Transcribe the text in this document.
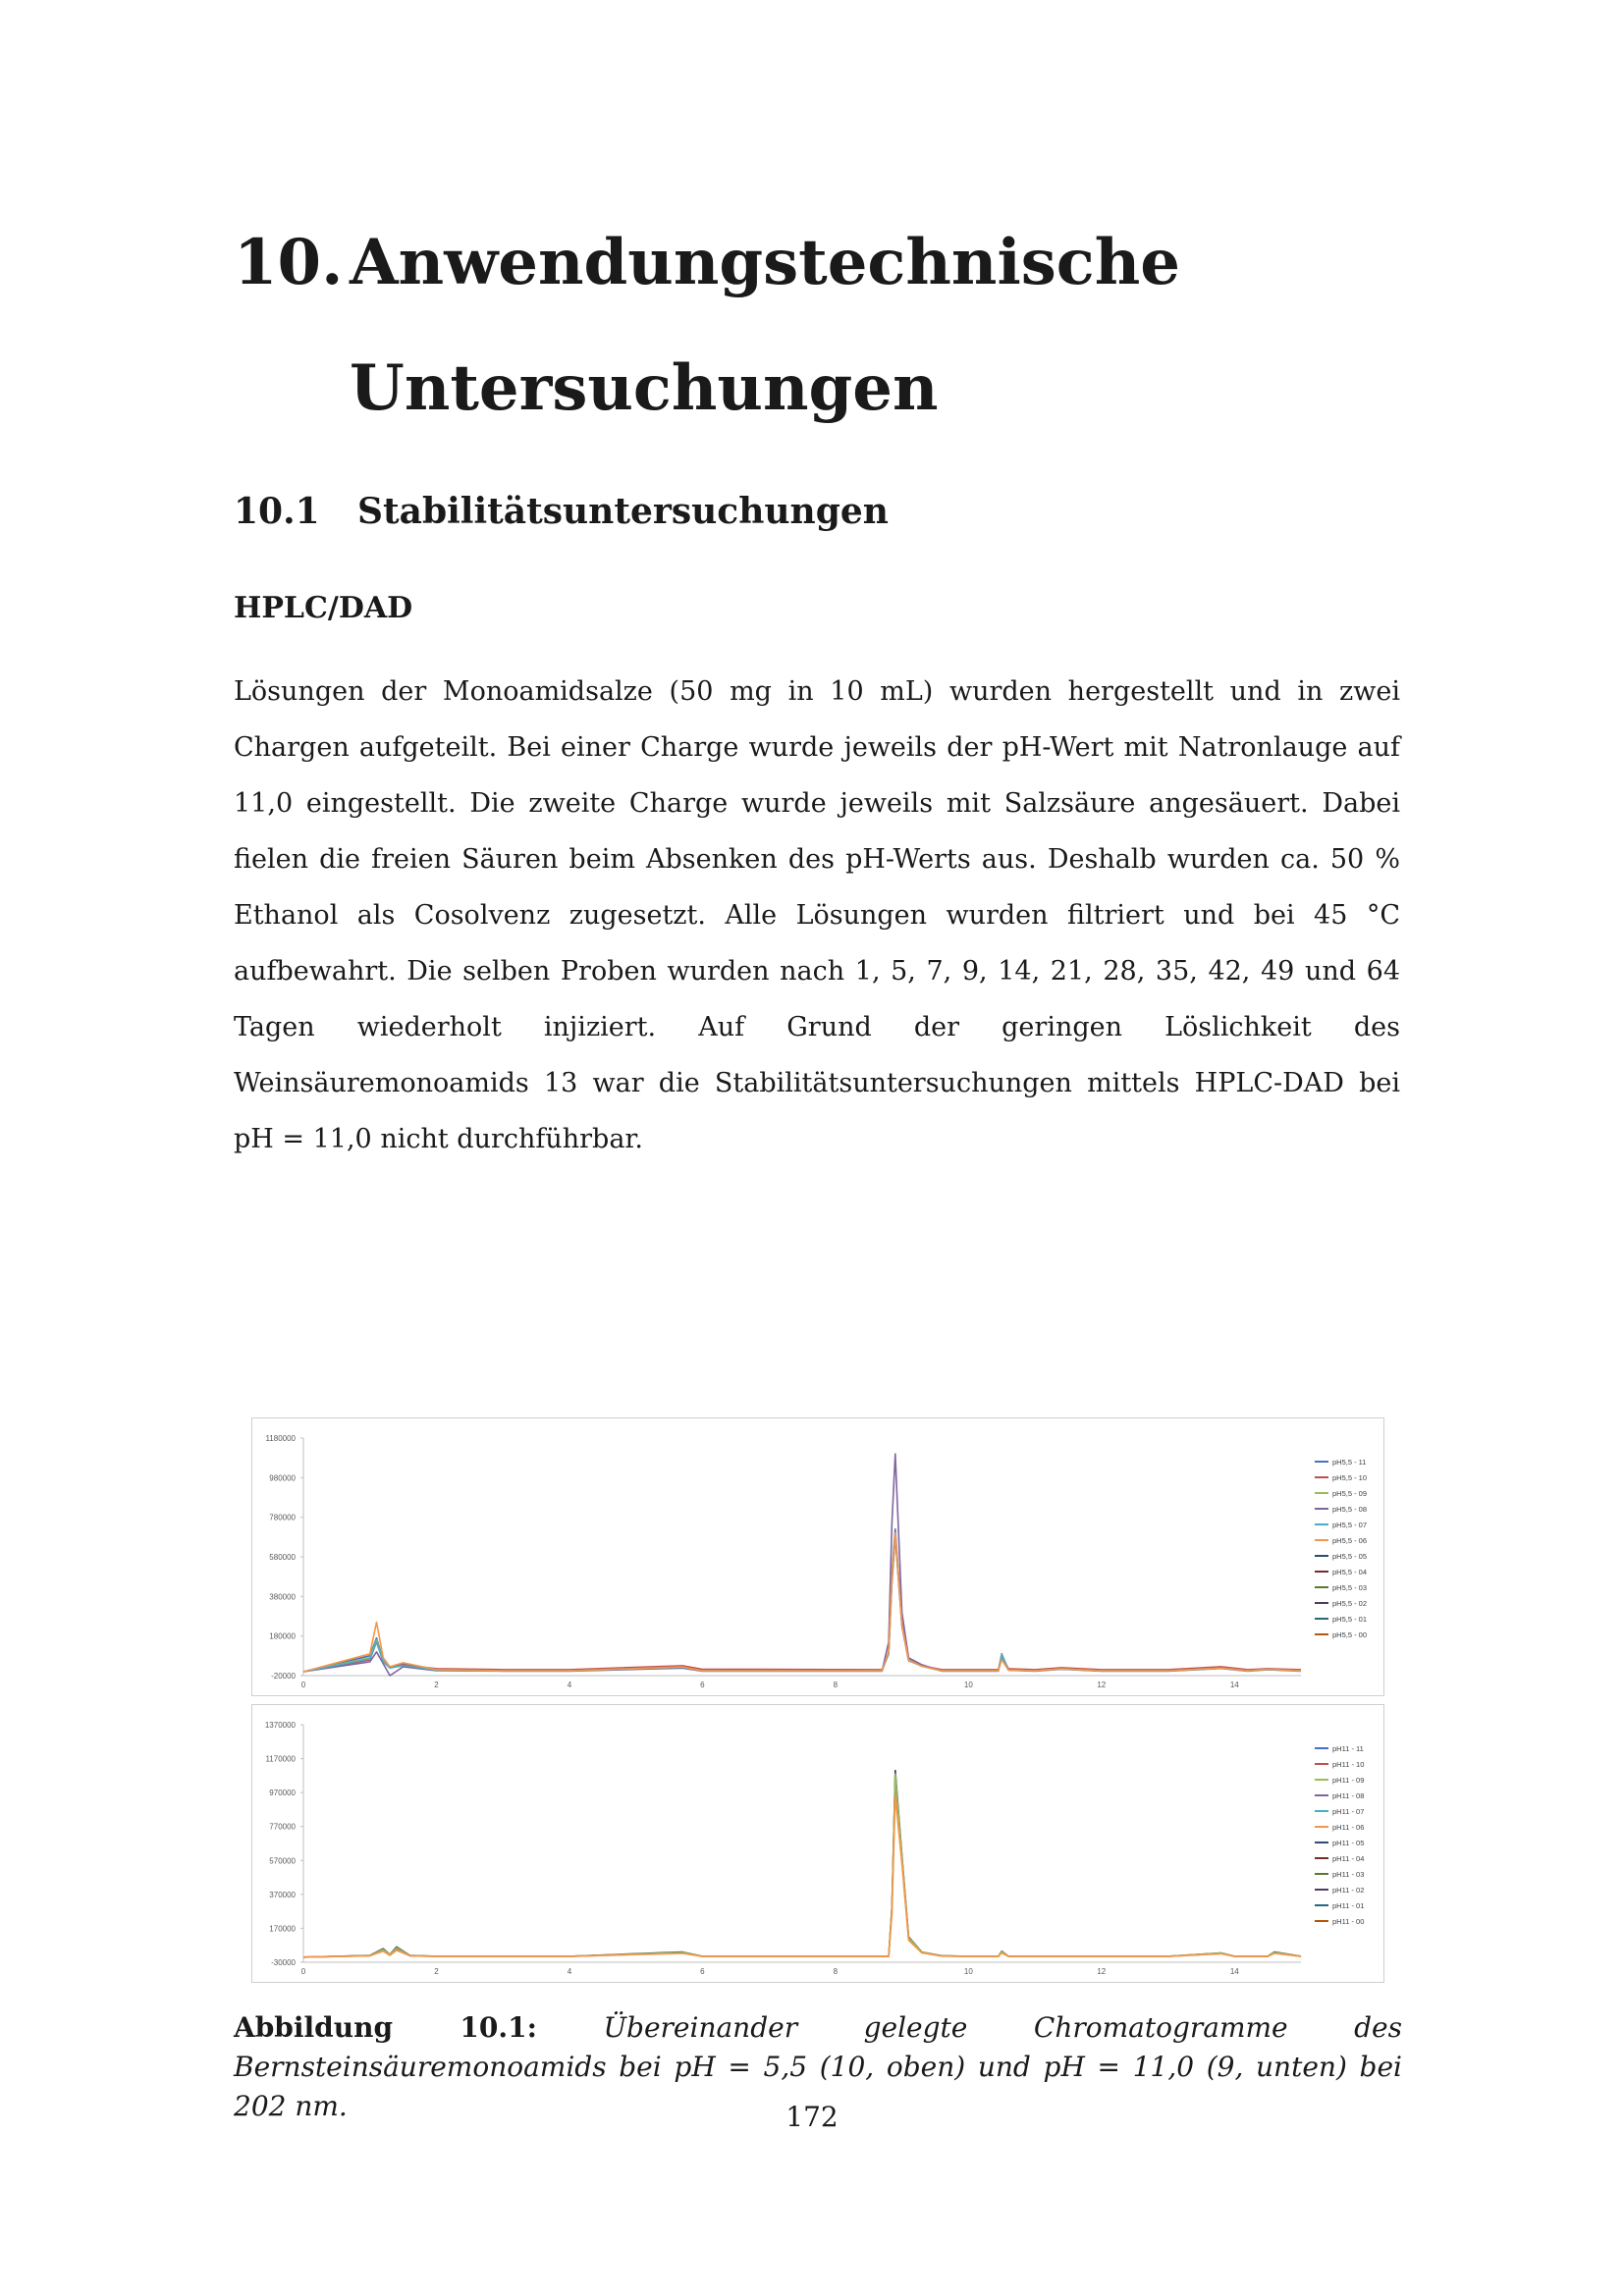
10. Anwendungstechnische
Untersuchungen
10.1 Stabilitätsuntersuchungen
HPLC/DAD

Lösungen der Monoamidsalze (50 mg in 10 mL) wurden hergestellt und in zwei Chargen aufgeteilt. Bei einer Charge wurde jeweils der pH-Wert mit Natronlauge auf 11,0 eingestellt. Die zweite Charge wurde jeweils mit Salzsäure angesäuert. Dabei fielen die freien Säuren beim Absenken des pH-Werts aus. Deshalb wurden ca. 50 % Ethanol als Cosolvenz zugesetzt. Alle Lösungen wurden filtriert und bei 45 °C aufbewahrt. Die selben Proben wurden nach 1, 5, 7, 9, 14, 21, 28, 35, 42, 49 und 64 Tagen wiederholt injiziert. Auf Grund der geringen Löslichkeit des Weinsäuremonoamids 13 war die Stabilitätsuntersuchungen mittels HPLC-DAD bei pH = 11,0 nicht durchführbar.

1180000
980000
780000
580000
380000
180000
-20000
0	2	4	6	8	10	12	14
pH5,5 - 11
pH5,5 - 10
pH5,5 - 09
pH5,5 - 08
pH5,5 - 07
pH5,5 - 06
pH5,5 - 05
pH5,5 - 04
pH5,5 - 03
pH5,5 - 02
pH5,5 - 01
pH5,5 - 00
1370000
1170000
970000
770000
570000
370000
170000
-30000
0	2	4	6	8	10	12	14
pH11 - 11
pH11 - 10
pH11 - 09
pH11 - 08
pH11 - 07
pH11 - 06
pH11 - 05
pH11 - 04
pH11 - 03
pH11 - 02
pH11 - 01
pH11 - 00
Abbildung 10.1: Übereinander gelegte Chromatogramme des Bernsteinsäuremonoamids bei pH = 5,5 (10, oben) und pH = 11,0 (9, unten) bei 202 nm.	172
